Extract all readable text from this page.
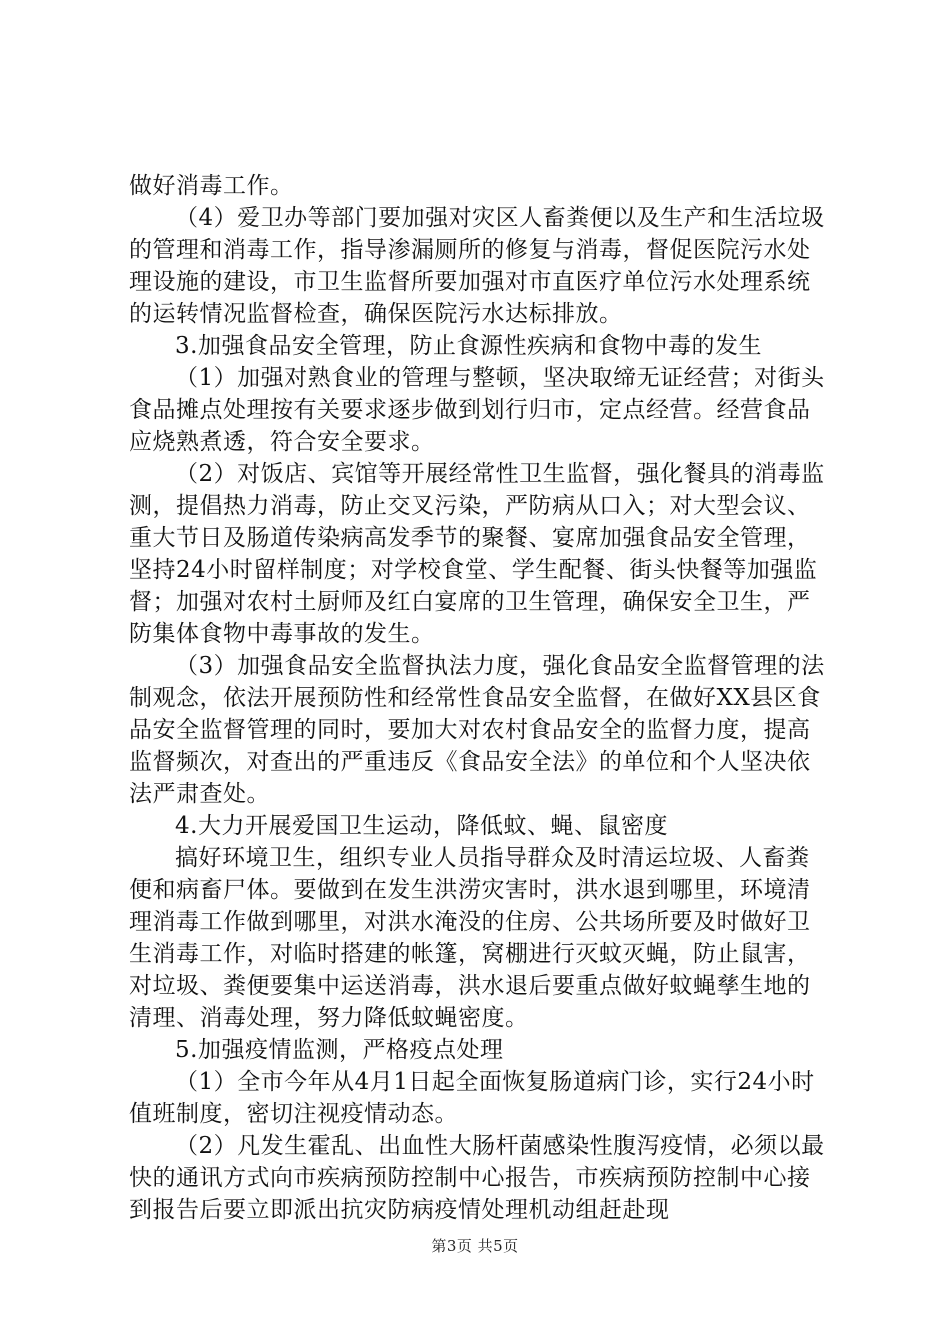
做好消毒工作。

（4）爱卫办等部门要加强对灾区人畜粪便以及生产和生活垃圾的管理和消毒工作，指导渗漏厕所的修复与消毒，督促医院污水处理设施的建设，市卫生监督所要加强对市直医疗单位污水处理系统的运转情况监督检查，确保医院污水达标排放。

3.加强食品安全管理，防止食源性疾病和食物中毒的发生

（1）加强对熟食业的管理与整顿，坚决取缔无证经营；对街头食品摊点处理按有关要求逐步做到划行归市，定点经营。经营食品应烧熟煮透，符合安全要求。

（2）对饭店、宾馆等开展经常性卫生监督，强化餐具的消毒监测，提倡热力消毒，防止交叉污染，严防病从口入；对大型会议、重大节日及肠道传染病高发季节的聚餐、宴席加强食品安全管理，坚持24小时留样制度；对学校食堂、学生配餐、街头快餐等加强监督；加强对农村土厨师及红白宴席的卫生管理，确保安全卫生，严防集体食物中毒事故的发生。

（3）加强食品安全监督执法力度，强化食品安全监督管理的法制观念，依法开展预防性和经常性食品安全监督，在做好XX县区食品安全监督管理的同时，要加大对农村食品安全的监督力度，提高监督频次，对查出的严重违反《食品安全法》的单位和个人坚决依法严肃查处。

4.大力开展爱国卫生运动，降低蚊、蝇、鼠密度

搞好环境卫生，组织专业人员指导群众及时清运垃圾、人畜粪便和病畜尸体。要做到在发生洪涝灾害时，洪水退到哪里，环境清理消毒工作做到哪里，对洪水淹没的住房、公共场所要及时做好卫生消毒工作，对临时搭建的帐篷，窝棚进行灭蚊灭蝇，防止鼠害，对垃圾、粪便要集中运送消毒，洪水退后要重点做好蚊蝇孳生地的清理、消毒处理，努力降低蚊蝇密度。

5.加强疫情监测，严格疫点处理

（1）全市今年从4月1日起全面恢复肠道病门诊，实行24小时值班制度，密切注视疫情动态。

（2）凡发生霍乱、出血性大肠杆菌感染性腹泻疫情，必须以最快的通讯方式向市疾病预防控制中心报告，市疾病预防控制中心接到报告后要立即派出抗灾防病疫情处理机动组赶赴现

第3页 共5页
